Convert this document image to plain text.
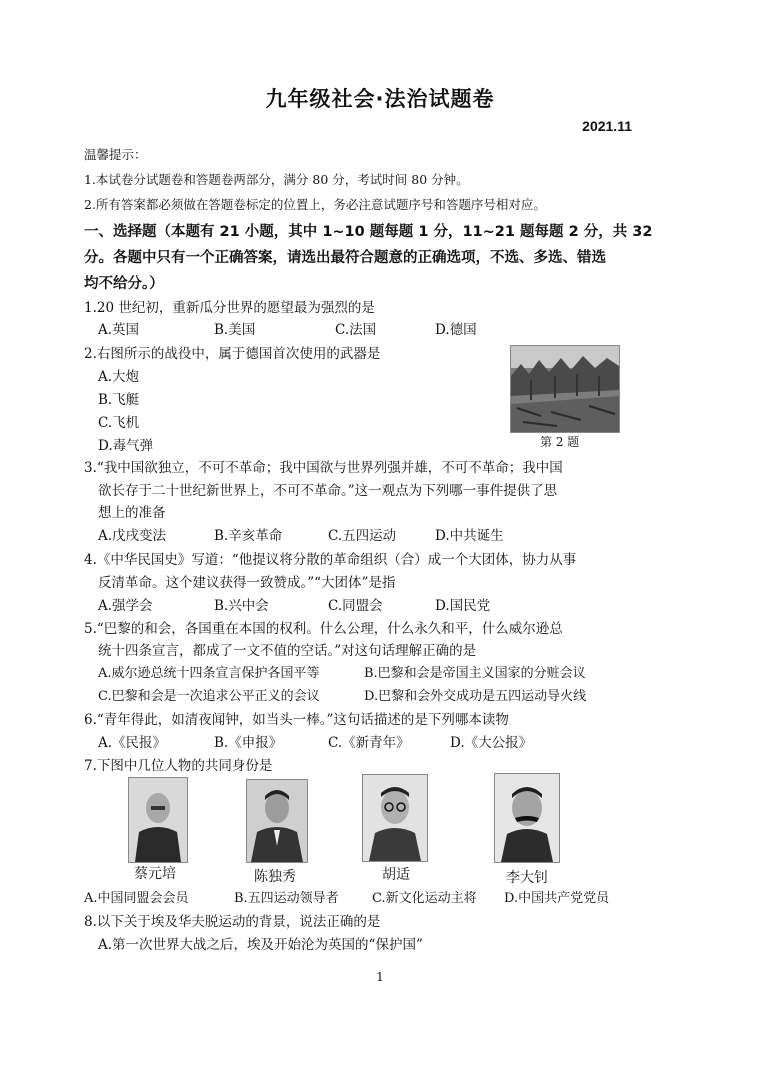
九年级社会·法治试题卷
2021.11
温馨提示：
1.本试卷分试题卷和答题卷两部分，满分 80 分，考试时间 80 分钟。
2.所有答案都必须做在答题卷标定的位置上，务必注意试题序号和答题序号相对应。
一、选择题（本题有 21 小题，其中 1~10 题每题 1 分，11~21 题每题 2 分，共 32
分。各题中只有一个正确答案，请选出最符合题意的正确选项，不选、多选、错选
均不给分。）
1.20 世纪初，重新瓜分世界的愿望最为强烈的是
A.英国	B.美国	C.法国	D.德国
2.右图所示的战役中，属于德国首次使用的武器是
A.大炮
B.飞艇
C.飞机
D.毒气弹	第 2 题
3.“我中国欲独立，不可不革命；我中国欲与世界列强并雄，不可不革命；我中国
欲长存于二十世纪新世界上，不可不革命。”这一观点为下列哪一事件提供了思
想上的准备
A.戊戌变法	B.辛亥革命	C.五四运动	D.中共诞生
4.《中华民国史》写道：“他提议将分散的革命组织（合）成一个大团体，协力从事
反清革命。这个建议获得一致赞成。”“大团体”是指
A.强学会	B.兴中会	C.同盟会	D.国民党
5.“巴黎的和会，各国重在本国的权利。什么公理，什么永久和平，什么威尔逊总
统十四条宣言，都成了一文不值的空话。”对这句话理解正确的是
A.威尔逊总统十四条宣言保护各国平等	B.巴黎和会是帝国主义国家的分赃会议
C.巴黎和会是一次追求公平正义的会议	D.巴黎和会外交成功是五四运动导火线
6.“青年得此，如清夜闻钟，如当头一棒。”这句话描述的是下列哪本读物
A.《民报》	B.《申报》	C.《新青年》	D.《大公报》
7.下图中几位人物的共同身份是
蔡元培	陈独秀	胡适	李大钊
A.中国同盟会会员	B.五四运动领导者	C.新文化运动主将 D.中国共产党党员
8.以下关于埃及华夫脱运动的背景，说法正确的是
A.第一次世界大战之后，埃及开始沦为英国的“保护国”
1
